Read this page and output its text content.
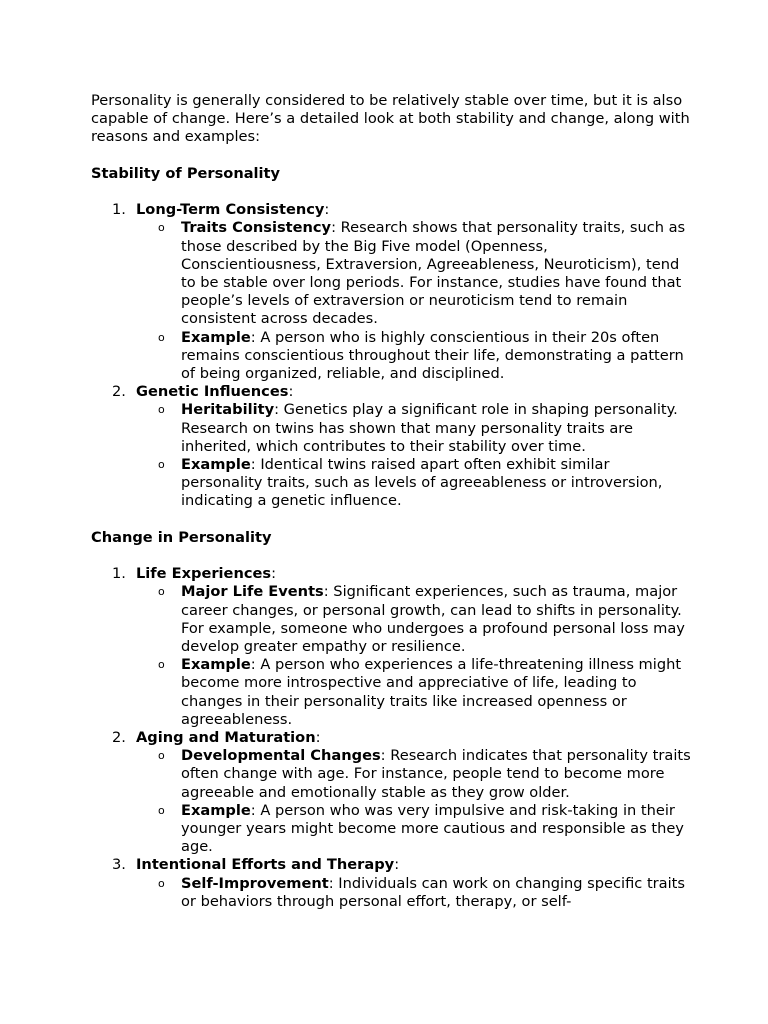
Personality is generally considered to be relatively stable over time, but it is also capable of change. Here’s a detailed look at both stability and change, along with reasons and examples:

Stability of Personality

1. Long-Term Consistency:
o Traits Consistency: Research shows that personality traits, such as those described by the Big Five model (Openness, Conscientiousness, Extraversion, Agreeableness, Neuroticism), tend to be stable over long periods. For instance, studies have found that people’s levels of extraversion or neuroticism tend to remain consistent across decades.
o Example: A person who is highly conscientious in their 20s often remains conscientious throughout their life, demonstrating a pattern of being organized, reliable, and disciplined.
2. Genetic Influences:
o Heritability: Genetics play a significant role in shaping personality. Research on twins has shown that many personality traits are inherited, which contributes to their stability over time.
o Example: Identical twins raised apart often exhibit similar personality traits, such as levels of agreeableness or introversion, indicating a genetic influence.

Change in Personality

1. Life Experiences:
o Major Life Events: Significant experiences, such as trauma, major career changes, or personal growth, can lead to shifts in personality. For example, someone who undergoes a profound personal loss may develop greater empathy or resilience.
o Example: A person who experiences a life-threatening illness might become more introspective and appreciative of life, leading to changes in their personality traits like increased openness or agreeableness.
2. Aging and Maturation:
o Developmental Changes: Research indicates that personality traits often change with age. For instance, people tend to become more agreeable and emotionally stable as they grow older.
o Example: A person who was very impulsive and risk-taking in their younger years might become more cautious and responsible as they age.
3. Intentional Efforts and Therapy:
o Self-Improvement: Individuals can work on changing specific traits or behaviors through personal effort, therapy, or self-
